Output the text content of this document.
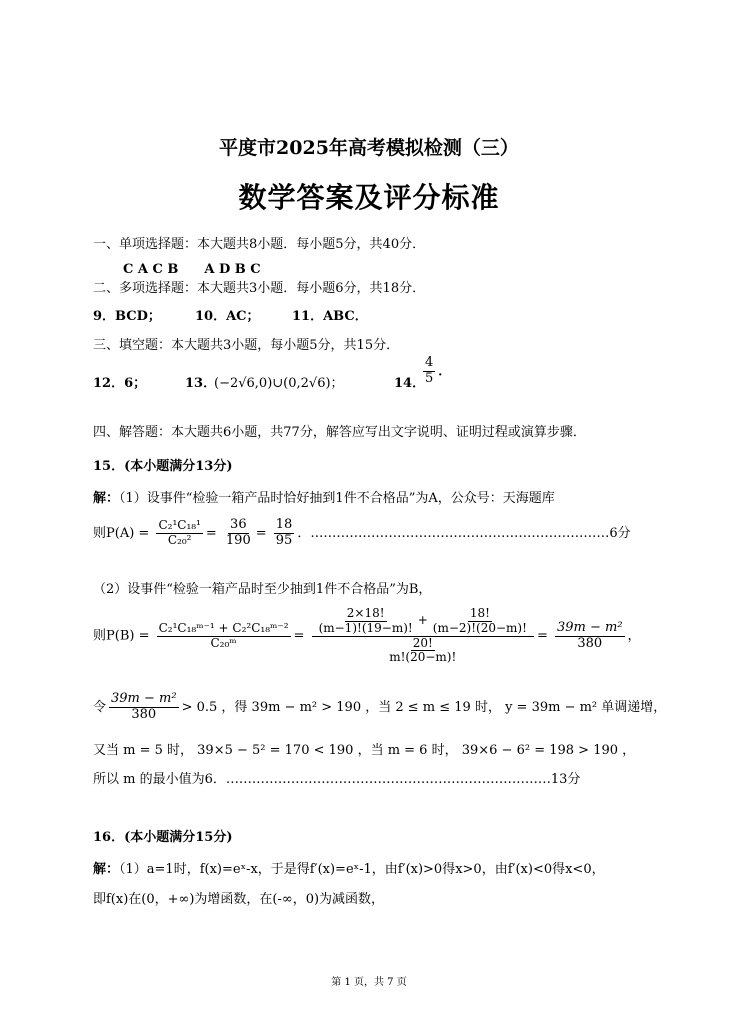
平度市2025年高考模拟检测（三）
数学答案及评分标准
一、单项选择题：本大题共8小题．每小题5分，共40分．
C A C B　　A D B C
二、多项选择题：本大题共3小题．每小题6分，共18分．
9．BCD；	10．AC； 11．ABC．
三、填空题：本大题共3小题，每小题5分，共15分．
12．6；	13．
(−2√6,0)∪(0,2√6)；	14．
$\frac{4}{5}$ ．
四、解答题：本大题共6小题，共77分，解答应写出文字说明、证明过程或演算步骤．
15．(本小题满分13分)
解：（1）设事件“检验一箱产品时恰好抽到1件不合格品”为A，公众号：天海题库
则$P(A) = \frac{\text{C₂¹C₁₈¹}}{\text{C₂₀²}} = \frac{36}{190} = \frac{18}{95}$ ．……………………………………………………………6分
（2）设事件“检验一箱产品时至少抽到1件不合格品”为B，
则$P(B) = \frac{\text{C₂¹C₁₈ᵐ⁻¹ + C₂²C₁₈ᵐ⁻²}}{\text{C₂₀ᵐ}} = \frac{\frac{2\times 18!}{(m-1)!(19-m)!} + \frac{18!}{(m-2)!(20-m)!}}{\frac{20!}{m!(20-m)!}} = \frac{\text{39m − m²}}{380}$ ，
令 $\frac{\text{39m − m²}}{380} > 0.5$ ，得 39m − m² > 190 ，当 2 ≤ m ≤ 19 时， y = 39m − m² 单调递增，
又当 m = 5 时， 39×5 − 5² = 170 < 190 ，当 m = 6 时， 39×6 − 6² = 198 > 190 ，
所以 m 的最小值为6．…………………………………………………………………13分
16．(本小题满分15分)
解：（1）a=1时，f(x)=eˣ-x，于是得f′(x)=eˣ-1，由f′(x)>0得x>0，由f′(x)<0得x<0，
即f(x)在(0，+∞)为增函数，在(-∞，0)为减函数，
第 1 页，共 7 页
